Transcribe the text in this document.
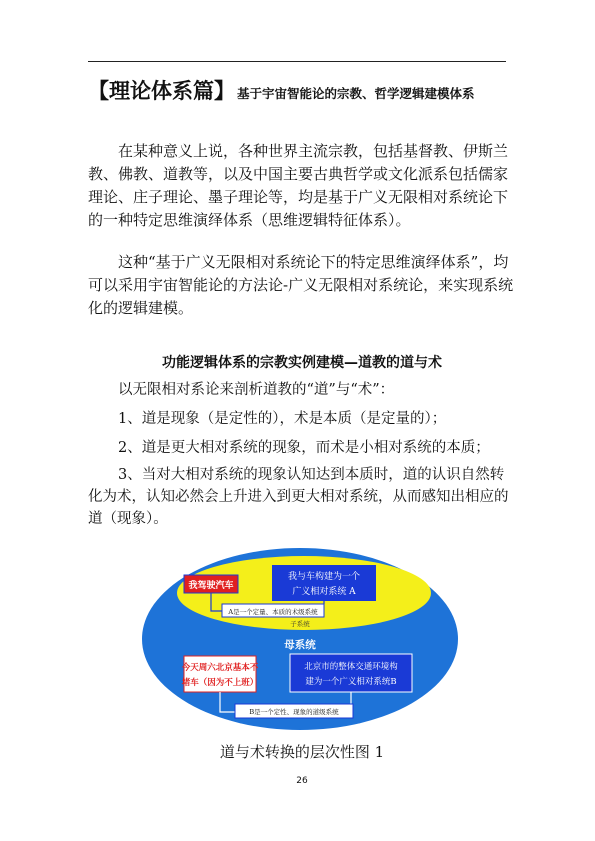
【理论体系篇】 基于宇宙智能论的宗教、哲学逻辑建模体系
在某种意义上说，各种世界主流宗教，包括基督教、伊斯兰教、佛教、道教等，以及中国主要古典哲学或文化派系包括儒家理论、庄子理论、墨子理论等，均是基于广义无限相对系统论下的一种特定思维演绎体系（思维逻辑特征体系）。
这种“基于广义无限相对系统论下的特定思维演绎体系”，均可以采用宇宙智能论的方法论-广义无限相对系统论，来实现系统化的逻辑建模。
功能逻辑体系的宗教实例建模—道教的道与术
以无限相对系论来剖析道教的“道”与“术”：
1、道是现象（是定性的），术是本质（是定量的）；
2、道是更大相对系统的现象，而术是小相对系统的本质；
3、当对大相对系统的现象认知达到本质时，道的认识自然转化为术，认知必然会上升进入到更大相对系统，从而感知出相应的道（现象）。
我驾驶汽车
我与车构建为一个
广义相对系统 A
A是一个定量、本质的术级系统
子系统
母系统
今天周六北京基本不
堵车（因为不上班）
北京市的整体交通环境构
建为一个广义相对系统B
B是一个定性、现象的道级系统
道与术转换的层次性图 1
26
